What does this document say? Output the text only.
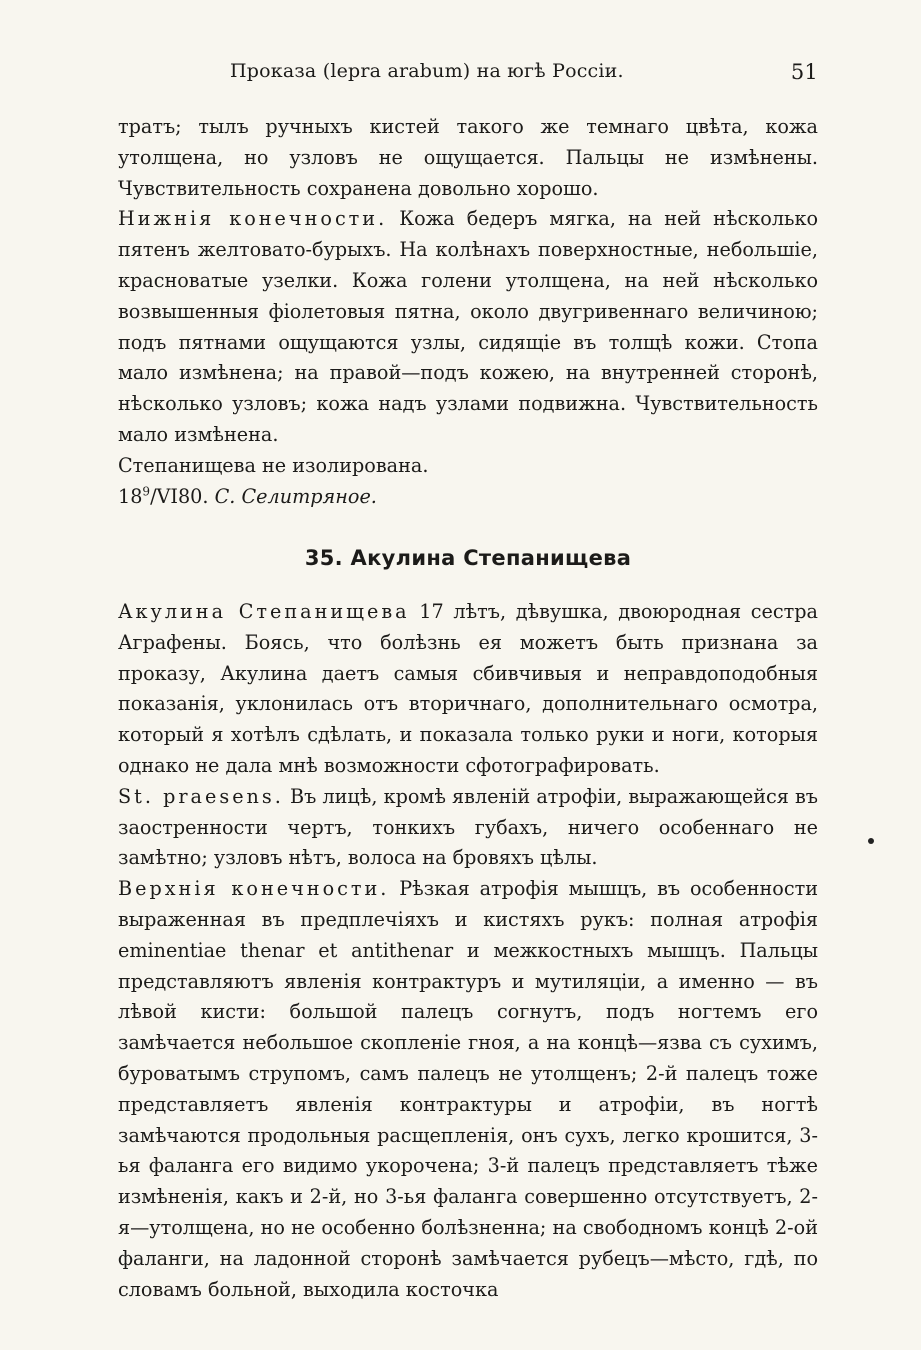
Проказа (lepra arabum) на югѣ Россiи.	51

тратъ; тылъ ручныхъ кистей такого же темнаго цвѣта, кожа утолщена, но узловъ не ощущается. Пальцы не измѣнены. Чувствительность сохранена довольно хорошо.

Нижнiя конечности. Кожа бедеръ мягка, на ней нѣсколько пятенъ желтовато-бурыхъ. На колѣнахъ поверхностные, небольшiе, красноватые узелки. Кожа голени утолщена, на ней нѣсколько возвышенныя фiолетовыя пятна, около двугривеннаго величиною; подъ пятнами ощущаются узлы, сидящiе въ толщѣ кожи. Стопа мало измѣнена; на правой—подъ кожею, на внутренней сторонѣ, нѣсколько узловъ; кожа надъ узлами подвижна. Чувствительность мало измѣнена.

Степанищева не изолирована.

$18^9/VI80$. С. Селитряное.

35. Акулина Степанищева

Акулина Степанищева 17 лѣтъ, дѣвушка, двоюродная сестра Аграфены. Боясь, что болѣзнь ея можетъ быть признана за проказу, Акулина даетъ самыя сбивчивыя и неправдоподобныя показанiя, уклонилась отъ вторичнаго, дополнительнаго осмотра, который я хотѣлъ сдѣлать, и показала только руки и ноги, которыя однако не дала мнѣ возможности сфотографировать.

St. praesens. Въ лицѣ, кромѣ явленiй атрофiи, выражающейся въ заостренности чертъ, тонкихъ губахъ, ничего особеннаго не замѣтно; узловъ нѣтъ, волоса на бровяхъ цѣлы.

Верхнiя конечности. Рѣзкая атрофiя мышцъ, въ особенности выраженная въ предплечiяхъ и кистяхъ рукъ: полная атрофiя eminentiae thenar et antithenar и межкостныхъ мышцъ. Пальцы представляютъ явленiя контрактуръ и мутиляцiи, а именно — въ лѣвой кисти: большой палецъ согнутъ, подъ ногтемъ его замѣчается небольшое скопленiе гноя, а на концѣ—язва съ сухимъ, буроватымъ струпомъ, самъ палецъ не утолщенъ; 2-й палецъ тоже представляетъ явленiя контрактуры и атрофiи, въ ногтѣ замѣчаются продольныя расщепленiя, онъ сухъ, легко крошится, 3-ья фаланга его видимо укорочена; 3-й палецъ представляетъ тѣже измѣненiя, какъ и 2-й, но 3-ья фаланга совершенно отсутствуетъ, 2-я—утолщена, но не особенно болѣзненна; на свободномъ концѣ 2-ой фаланги, на ладонной сторонѣ замѣчается рубецъ—мѣсто, гдѣ, по словамъ больной, выходила косточка
